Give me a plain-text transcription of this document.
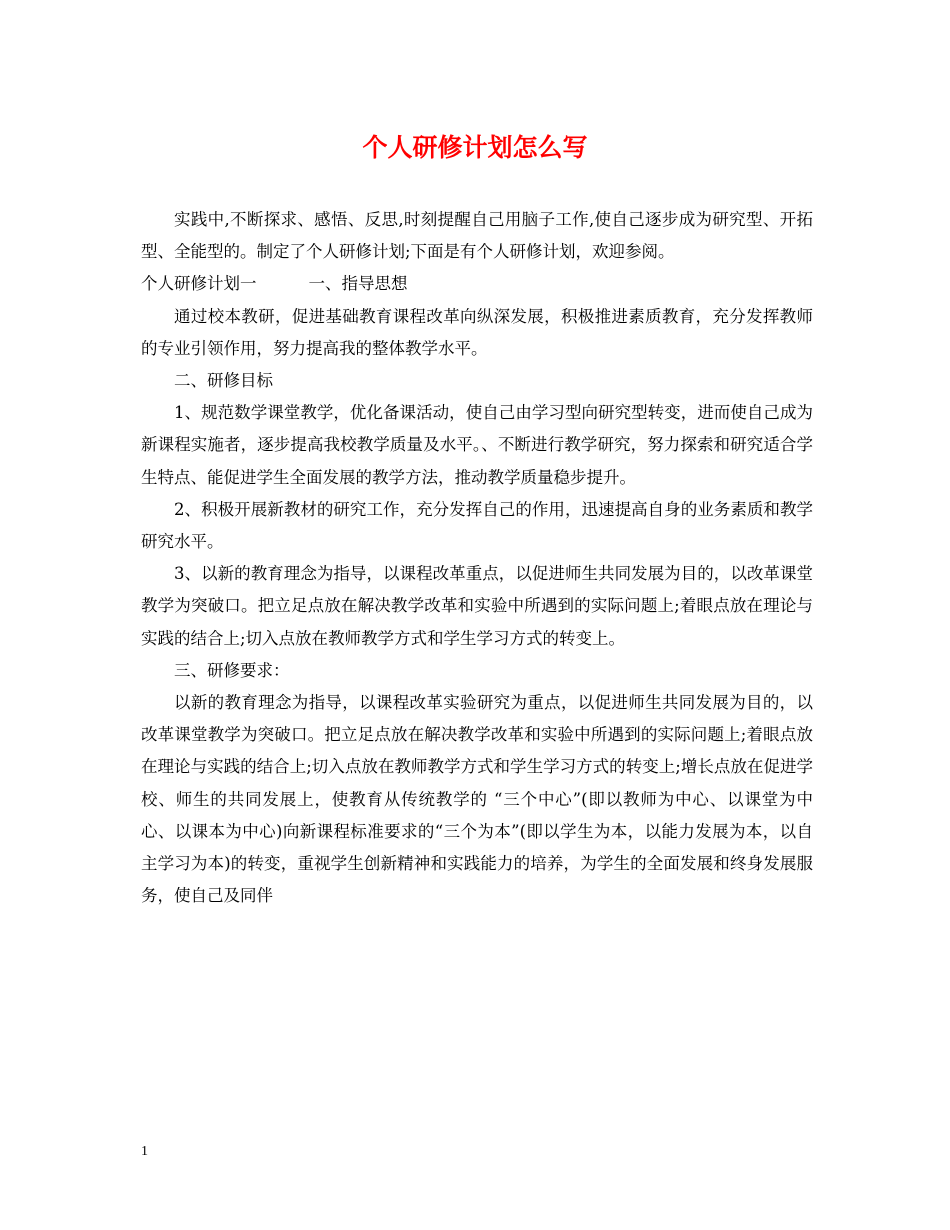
个人研修计划怎么写

实践中,不断探求、感悟、反思,时刻提醒自己用脑子工作,使自己逐步成为研究型、开拓型、全能型的。制定了个人研修计划;下面是有个人研修计划，欢迎参阅。

个人研修计划一	一、指导思想

通过校本教研，促进基础教育课程改革向纵深发展，积极推进素质教育，充分发挥教师的专业引领作用，努力提高我的整体教学水平。

二、研修目标

1、规范数学课堂教学，优化备课活动，使自己由学习型向研究型转变，进而使自己成为新课程实施者，逐步提高我校教学质量及水平。、不断进行教学研究，努力探索和研究适合学生特点、能促进学生全面发展的教学方法，推动教学质量稳步提升。

2、积极开展新教材的研究工作，充分发挥自己的作用，迅速提高自身的业务素质和教学研究水平。

3、以新的教育理念为指导，以课程改革重点，以促进师生共同发展为目的，以改革课堂教学为突破口。把立足点放在解决教学改革和实验中所遇到的实际问题上;着眼点放在理论与实践的结合上;切入点放在教师教学方式和学生学习方式的转变上。

三、研修要求：

以新的教育理念为指导，以课程改革实验研究为重点，以促进师生共同发展为目的，以改革课堂教学为突破口。把立足点放在解决教学改革和实验中所遇到的实际问题上;着眼点放在理论与实践的结合上;切入点放在教师教学方式和学生学习方式的转变上;增长点放在促进学校、师生的共同发展上，使教育从传统教学的 “三个中心”(即以教师为中心、以课堂为中心、以课本为中心)向新课程标准要求的“三个为本”(即以学生为本，以能力发展为本，以自主学习为本)的转变，重视学生创新精神和实践能力的培养，为学生的全面发展和终身发展服务，使自己及同伴

1
